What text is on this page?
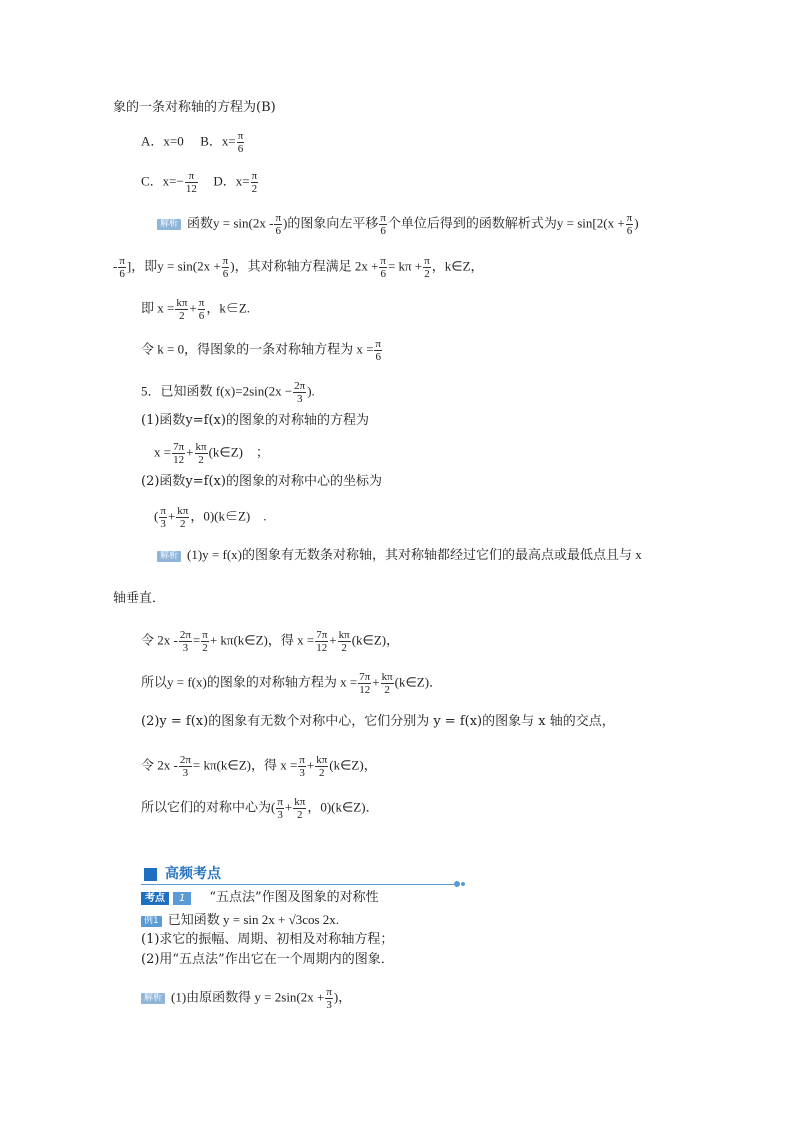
象的一条对称轴的方程为(B)
A．x=0 B．$x= \frac{\pi}{6}$
C．$x=- \frac{\pi}{12}$ D．$x= \frac{\pi}{2}$
解析 函数$y = \sin(2x - \frac{\pi}{6}$ )的图象向左平移 $\frac{\pi}{6}$ 个单位后得到的函数解析式为$y = \sin[2(x + \frac{\pi}{6}$ )
- $\frac{\pi}{6}$ ]，即$y = \sin(2x + \frac{\pi}{6}$ )，其对称轴方程满足 $2x + \frac{\pi}{6} = k\pi + \frac{\pi}{2}$ ，k∈Z，
即 $x = \frac{k\pi}{2} + \frac{\pi}{6}$ ，k∈Z.
令 k = 0，得图象的一条对称轴方程为 $x = \frac{\pi}{6}$
5．已知函数 $f(x)=2\sin(2x - \frac{2\pi}{3}$ ).
(1)函数y=f(x)的图象的对称轴的方程为
$x = \frac{7\pi}{12} + \frac{k\pi}{2}$ (k∈Z)　；
(2)函数y=f(x)的图象的对称中心的坐标为
( $\frac{\pi}{3} + \frac{k\pi}{2}$ ，0)(k∈Z)　.
解析 (1)y = f(x)的图象有无数条对称轴，其对称轴都经过它们的最高点或最低点且与 x
轴垂直．
令 $2x - \frac{2\pi}{3} = \frac{\pi}{2}$ + kπ(k∈Z)，得 $x = \frac{7\pi}{12} + \frac{k\pi}{2}$ (k∈Z)，
所以y = f(x)的图象的对称轴方程为 $x = \frac{7\pi}{12} + \frac{k\pi}{2}$ (k∈Z)．
(2)y = f(x)的图象有无数个对称中心，它们分别为 y = f(x)的图象与 x 轴的交点，
令 $2x - \frac{2\pi}{3}$ = kπ(k∈Z)，得 $x = \frac{\pi}{3} + \frac{k\pi}{2}$ (k∈Z)，
所以它们的对称中心为( $\frac{\pi}{3} + \frac{k\pi}{2}$ ，0)(k∈Z)．
高频考点
考点 1 “五点法”作图及图象的对称性
例1 已知函数 y = sin 2x + √3cos 2x.
(1)求它的振幅、周期、初相及对称轴方程；
(2)用“五点法”作出它在一个周期内的图象．
解析 (1)由原函数得 $y = 2\sin(2x + \frac{\pi}{3}$ )，
